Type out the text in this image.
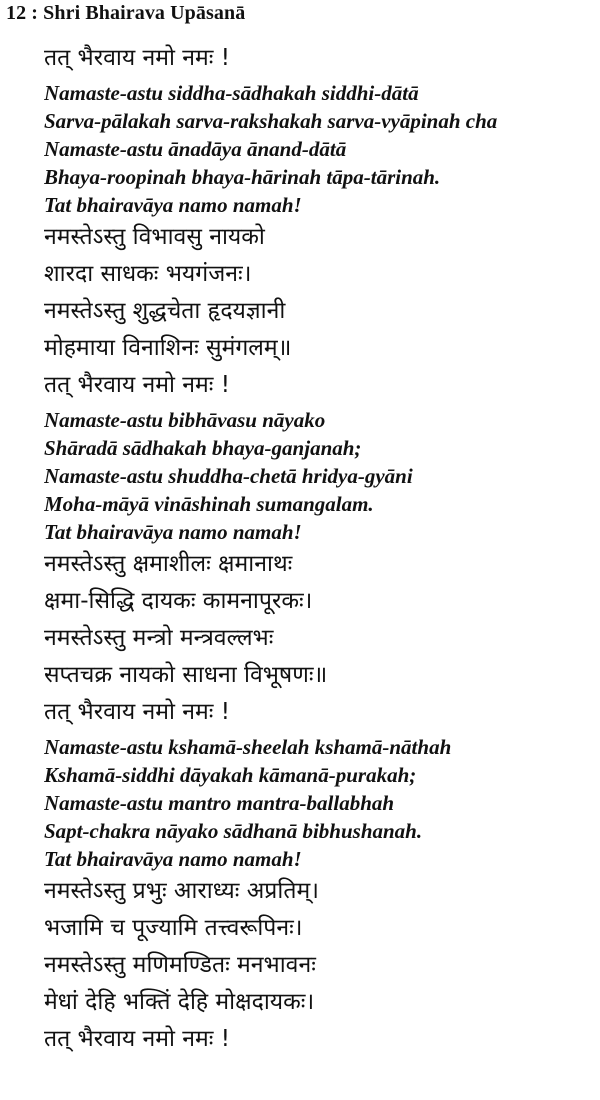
12 : Shri Bhairava Upāsanā
तत् भैरवाय नमो नमः !
Namaste-astu siddha-sādhakah siddhi-dātā
Sarva-pālakah sarva-rakshakah sarva-vyāpinah cha
Namaste-astu ānadāya ānand-dātā
Bhaya-roopinah bhaya-hārinah tāpa-tārinah.
Tat bhairavāya namo namah!
नमस्तेऽस्तु विभावसु नायको
शारदा साधकः भयगंजनः।
नमस्तेऽस्तु शुद्धचेता हृदयज्ञानी
मोहमाया विनाशिनः सुमंगलम्॥
तत् भैरवाय नमो नमः !
Namaste-astu bibhāvasu nāyako
Shāradā sādhakah bhaya-ganjanah;
Namaste-astu shuddha-chetā hridya-gyāni
Moha-māyā vināshinah sumangalam.
Tat bhairavāya namo namah!
नमस्तेऽस्तु क्षमाशीलः क्षमानाथः
क्षमा-सिद्धि दायकः कामनापूरकः।
नमस्तेऽस्तु मन्त्रो मन्त्रवल्लभः
सप्तचक्र नायको साधना विभूषणः॥
तत् भैरवाय नमो नमः !
Namaste-astu kshamā-sheelah kshamā-nāthah
Kshamā-siddhi dāyakah kāmanā-purakah;
Namaste-astu mantro mantra-ballabhah
Sapt-chakra nāyako sādhanā bibhushanah.
Tat bhairavāya namo namah!
नमस्तेऽस्तु प्रभुः आराध्यः अप्रतिम्।
भजामि च पूज्यामि तत्त्वरूपिनः।
नमस्तेऽस्तु मणिमण्डितः मनभावनः
मेधां देहि भक्तिं देहि मोक्षदायकः।
तत् भैरवाय नमो नमः !
